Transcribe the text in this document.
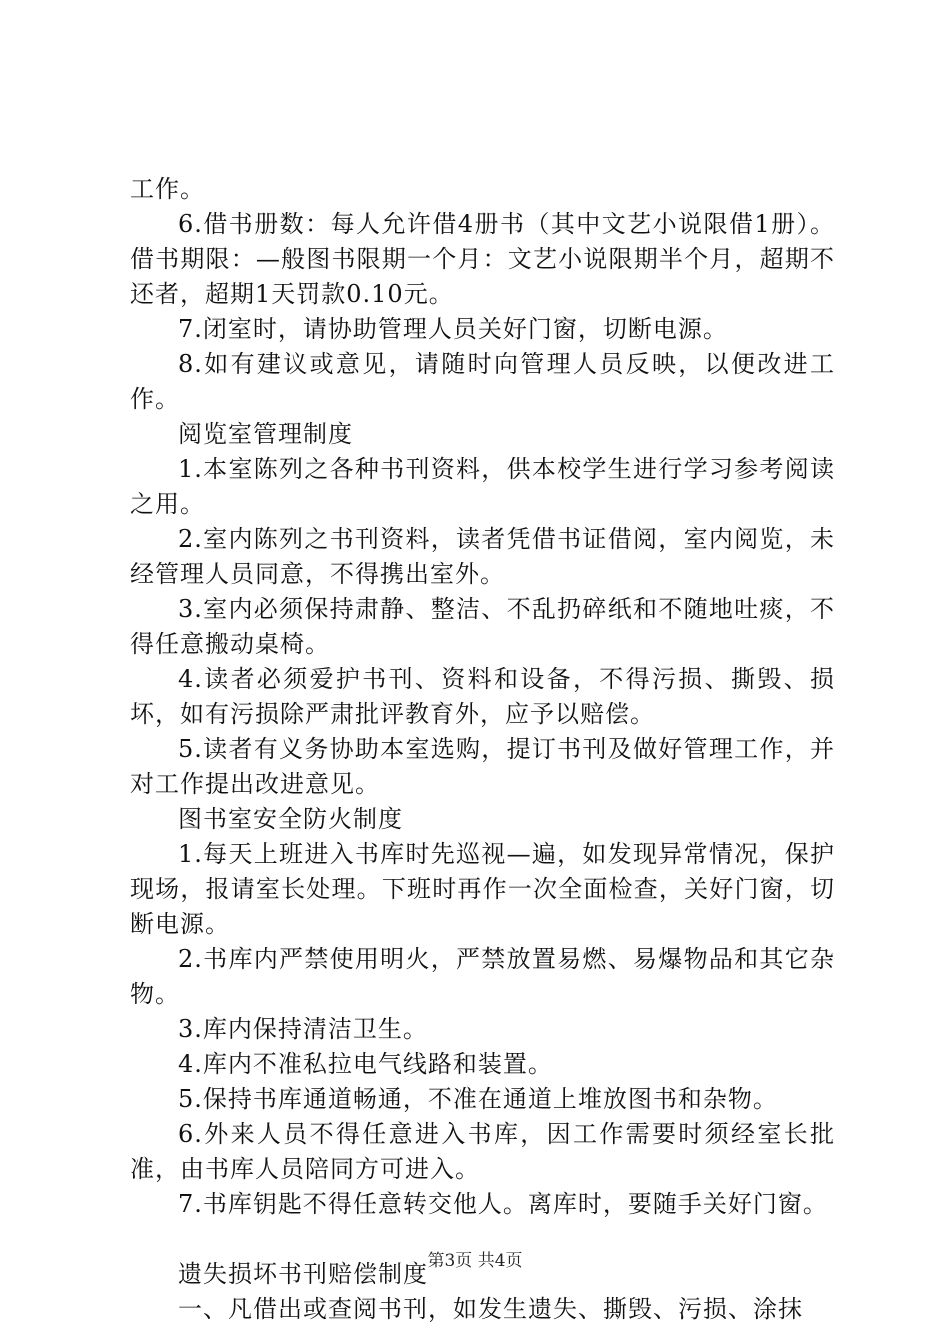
工作。

6.借书册数：每人允许借4册书（其中文艺小说限借1册）。借书期限：—般图书限期一个月：文艺小说限期半个月，超期不还者，超期1天罚款0.10元。

7.闭室时，请协助管理人员关好门窗，切断电源。

8.如有建议或意见，请随时向管理人员反映，以便改进工作。

阅览室管理制度

1.本室陈列之各种书刊资料，供本校学生进行学习参考阅读之用。

2.室内陈列之书刊资料，读者凭借书证借阅，室内阅览，未经管理人员同意，不得携出室外。

3.室内必须保持肃静、整洁、不乱扔碎纸和不随地吐痰，不得任意搬动桌椅。

4.读者必须爱护书刊、资料和设备，不得污损、撕毁、损坏，如有污损除严肃批评教育外，应予以赔偿。

5.读者有义务协助本室选购，提订书刊及做好管理工作，并对工作提出改进意见。

图书室安全防火制度

1.每天上班进入书库时先巡视—遍，如发现异常情况，保护现场，报请室长处理。下班时再作一次全面检查，关好门窗，切断电源。

2.书库内严禁使用明火，严禁放置易燃、易爆物品和其它杂物。

3.库内保持清洁卫生。

4.库内不准私拉电气线路和装置。

5.保持书库通道畅通，不准在通道上堆放图书和杂物。

6.外来人员不得任意进入书库，因工作需要时须经室长批准，由书库人员陪同方可进入。

7.书库钥匙不得任意转交他人。离库时，要随手关好门窗。

遗失损坏书刊赔偿制度

一、凡借出或查阅书刊，如发生遗失、撕毁、污损、涂抹

第3页 共4页
